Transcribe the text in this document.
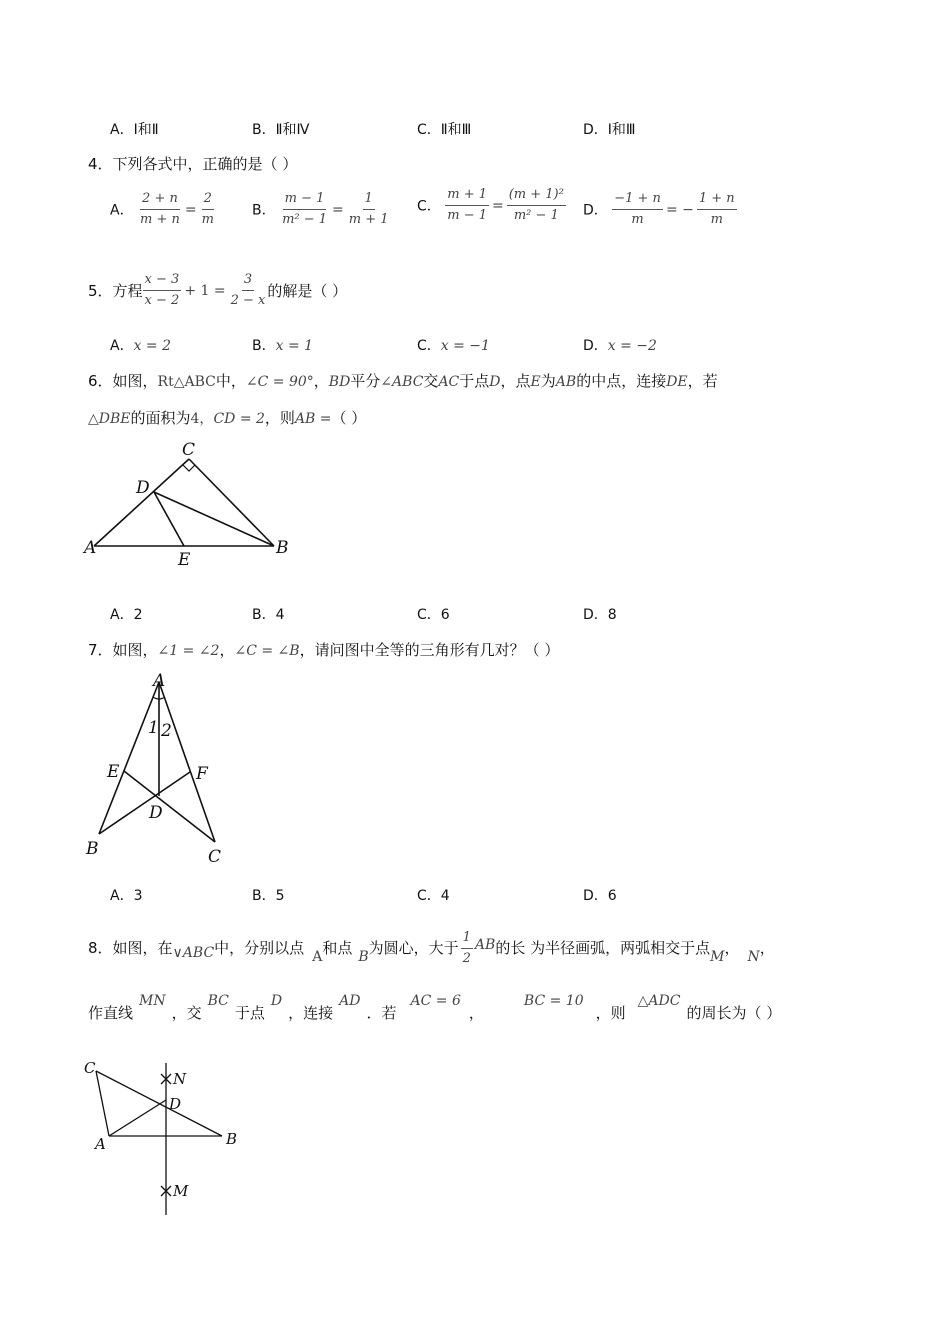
A．Ⅰ和Ⅱ	B．Ⅱ和Ⅳ	C．Ⅱ和Ⅲ	D．Ⅰ和Ⅲ
4．下列各式中，正确的是（ ）
A． $\frac{2 + n}{m + n} = \frac{2}{m}$	B． $\frac{m - 1}{\text{m² − 1}} = \frac{1}{m + 1}$ C． $\frac{m + 1}{m - 1} = \frac{\text{(m + 1)²}}{\text{m² − 1}}$ D． $\frac{-1 + n}{m}$ = − $\frac{1 + n}{m}$
5．方程 $\frac{x - 3}{x - 2} + 1 = \frac{3}{2 - x}$ 的解是（ ）
A．x = 2	B．x = 1	C．x = −1	D．x = −2
6．如图，Rt△ABC中，∠C = 90°，BD平分∠ABC交AC于点D，点E为AB的中点，连接DE，若
△DBE的面积为4，CD = 2，则AB =（ ）
C
D
A	B
E
A．2	B．4	C．6	D．8
7．如图，∠1 = ∠2，∠C = ∠B，请问图中全等的三角形有几对？（ ）
A
1 2
E	F
D
B	C
A．3	B．5	C．4	D．6
8．如图，在∨ABC中，分别以点 A和点 B为圆心，大于 $\frac{1}{2}$ AB的长 为半径画弧，两弧相交于点M， N，
作直线MN，交BC于点D，连接AD．若AC = 6，BC = 10，则△ADC的周长为（ ）
C
N
D
A	B
M
